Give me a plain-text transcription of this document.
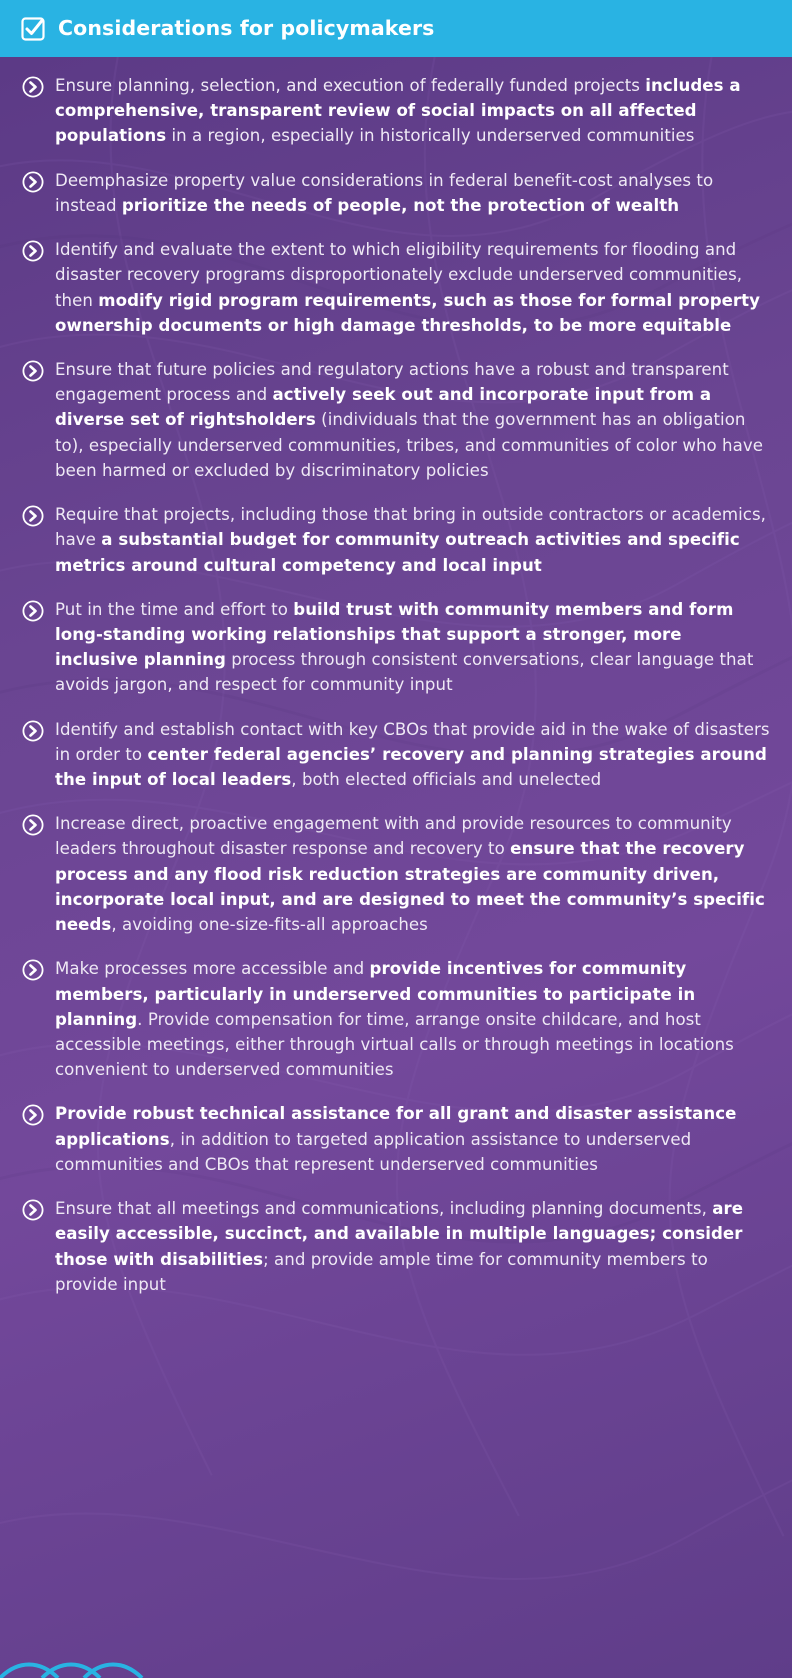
Considerations for policymakers
Ensure planning, selection, and execution of federally funded projects includes a comprehensive, transparent review of social impacts on all affected populations in a region, especially in historically underserved communities
Deemphasize property value considerations in federal benefit-cost analyses to instead prioritize the needs of people, not the protection of wealth
Identify and evaluate the extent to which eligibility requirements for flooding and disaster recovery programs disproportionately exclude underserved communities, then modify rigid program requirements, such as those for formal property ownership documents or high damage thresholds, to be more equitable
Ensure that future policies and regulatory actions have a robust and transparent engagement process and actively seek out and incorporate input from a diverse set of rightsholders (individuals that the government has an obligation to), especially underserved communities, tribes, and communities of color who have been harmed or excluded by discriminatory policies
Require that projects, including those that bring in outside contractors or academics, have a substantial budget for community outreach activities and specific metrics around cultural competency and local input
Put in the time and effort to build trust with community members and form long-standing working relationships that support a stronger, more inclusive planning process through consistent conversations, clear language that avoids jargon, and respect for community input
Identify and establish contact with key CBOs that provide aid in the wake of disasters in order to center federal agencies’ recovery and planning strategies around the input of local leaders, both elected officials and unelected
Increase direct, proactive engagement with and provide resources to community leaders throughout disaster response and recovery to ensure that the recovery process and any flood risk reduction strategies are community driven, incorporate local input, and are designed to meet the community’s specific needs, avoiding one-size-fits-all approaches
Make processes more accessible and provide incentives for community members, particularly in underserved communities to participate in planning. Provide compensation for time, arrange onsite childcare, and host accessible meetings, either through virtual calls or through meetings in locations convenient to underserved communities
Provide robust technical assistance for all grant and disaster assistance applications, in addition to targeted application assistance to underserved communities and CBOs that represent underserved communities
Ensure that all meetings and communications, including planning documents, are easily accessible, succinct, and available in multiple languages; consider those with disabilities; and provide ample time for community members to provide input
